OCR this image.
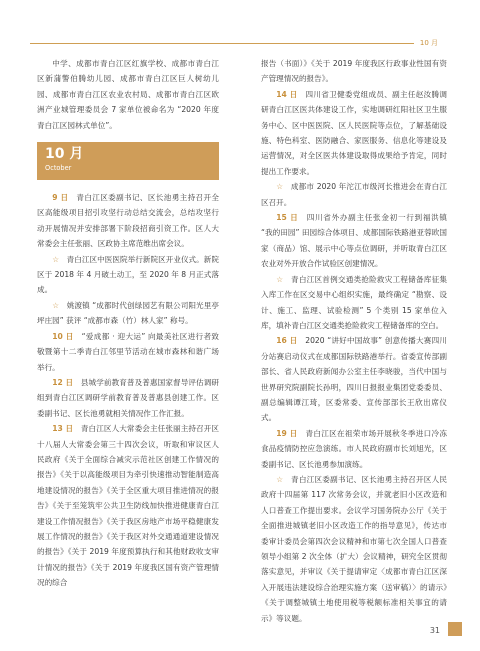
10 月

中学、成都市青白江区红旗学校、成都市青白江区新蒲警伯腾幼儿园、成都市青白江区巨人树幼儿园、成都市青白江区农业农村局、成都市青白江区欧洲产业城管理委员会 7 家单位被命名为 “2020 年度青白江区园林式单位”。

10 月
October

9 日　 青白江区委副书记、区长池勇主持召开全区高能级项目招引攻坚行动总结交流会，总结攻坚行动开展情况并安排部署下阶段招商引资工作。区人大常委会主任张丽、区政协主席范维出席会议。

☆　 青白江区中医医院举行新院区开业仪式。新院区于 2018 年 4 月破土动工，至 2020 年 8 月正式落成。

☆　 姚渡镇 “成都时代创绿园艺有限公司阳光里亭坪庄园” 获评 “成都市森（竹）林人家” 称号。

10 日　 “爱成都 · 迎大运” 向最美社区进行者致敬暨第十二季青白江邻里节活动在城市森林和谐广场举行。

12 日　 县城学前教育普及普惠国家督导评估调研组到青白江区调研学前教育普及普惠县创建工作。区委副书记、区长池勇就相关情况作工作汇报。

13 日　 青白江区人大常委会主任张丽主持召开区十八届人大常委会第三十四次会议，听取和审议区人民政府《关于全面综合减灾示范社区创建工作情况的报告》《关于以高能级项目为牵引快速推动智能制造高地建设情况的报告》《关于全区重大项目推进情况的报告》《关于至笼筑牢公共卫生防线加快推进健康青白江建设工作情况报告》《关于我区房地产市场平稳健康发展工作情况的报告》《关于我区对外交通通道建设情况的报告》《关于 2019 年度预算执行和其他财政收支审计情况的报告》《关于 2019 年度我区国有资产管理情况的综合

报告（书面）》《关于 2019 年度我区行政事业性国有资产管理情况的报告》。

14 日　 四川省卫健委党组成员、副主任赵汝腾调研青白江区医共体建设工作，实地调研红阳社区卫生服务中心、区中医医院、区人民医院等点位，了解基础设施、特色科室、医防融合、家医服务、信息化等建设及运营情况，对全区医共体建设取得成果给予肯定，同时提出工作要求。

☆　 成都市 2020 年沱江市级河长推进会在青白江区召开。

15 日　 四川省外办副主任张金初一行到福洪镇 “我的田园” 田园综合体项目、成都国际铁路港亚蓉欧国家（商品）馆、展示中心等点位调研，并听取青白江区农业对外开放合作试验区创建情况。

☆　 青白江区首例交通类抢险救灾工程储备库征集入库工作在区交易中心组织实施，最终确定 “勘察、设计、施工、监理、试验检测” 5 个类别 15 家单位入库，填补青白江区交通类抢险救灾工程储备库的空白。

16 日　 2020 “讲好中国故事” 创意传播大赛四川分站赛启动仪式在成都国际铁路港举行。省委宣传部副部长、省人民政府新闻办公室主任李晓骏，当代中国与世界研究院副院长孙明，四川日报报业集团党委委员、副总编辑谭江琦，区委常委、宣传部部长王欣出席仪式。

19 日　 青白江区在祖荣市场开展秋冬季进口冷冻食品疫情防控应急演练。市人民政府副市长刘旭光，区委副书记、区长池勇参加演练。

☆　 青白江区委副书记、区长池勇主持召开区人民政府十四届第 117 次常务会议，并就老旧小区改造和人口普查工作提出要求。会议学习国务院办公厅《关于全面推进城镇老旧小区改造工作的指导意见》，传达市委审计委员会第四次会议精神和市第七次全国人口普查领导小组第 2 次全体（扩大）会议精神，研究全区贯彻落实意见，并审议《关于提请审定〈成都市青白江区深入开展违法建设综合治理实施方案（送审稿）〉的请示》《关于调整城镇土地使用税等税额标准相关事宜的请示》等议题。

31
